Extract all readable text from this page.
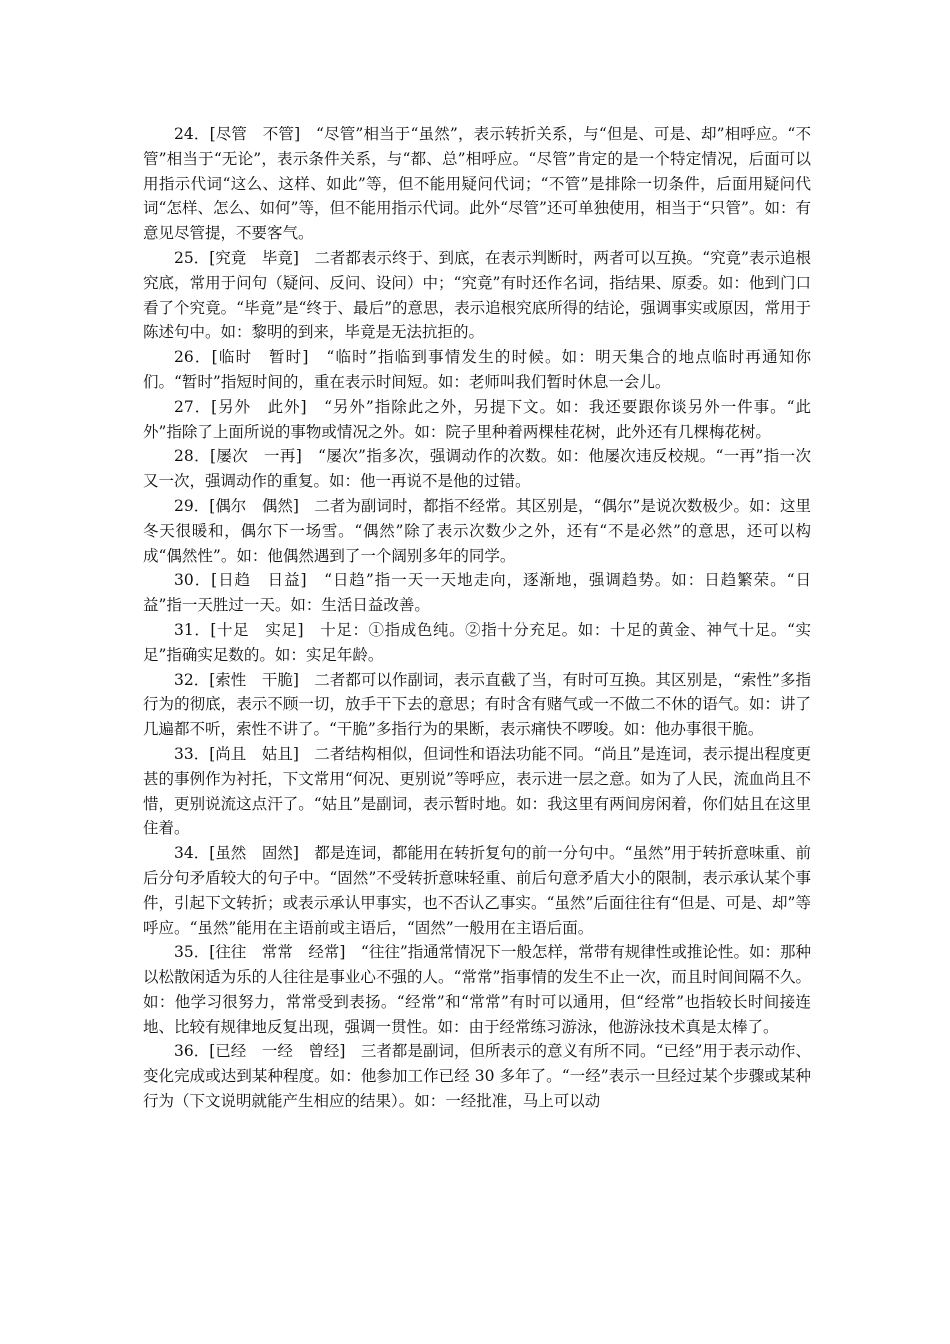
24．[尽管　不管]　 “尽管”相当于“虽然”，表示转折关系，与“但是、可是、却”相呼应。“不管”相当于“无论”，表示条件关系，与“都、总”相呼应。“尽管”肯定的是一个特定情况，后面可以用指示代词“这么、这样、如此”等，但不能用疑问代词；“不管”是排除一切条件，后面用疑问代词“怎样、怎么、如何”等，但不能用指示代词。此外“尽管”还可单独使用，相当于“只管”。如：有意见尽管提，不要客气。

25．[究竟　毕竟]　 二者都表示终于、到底，在表示判断时，两者可以互换。“究竟”表示追根究底，常用于问句（疑问、反问、设问）中；“究竟”有时还作名词，指结果、原委。如：他到门口看了个究竟。“毕竟”是“终于、最后”的意思，表示追根究底所得的结论，强调事实或原因，常用于陈述句中。如：黎明的到来，毕竟是无法抗拒的。

26．[临时　暂时]　 “临时”指临到事情发生的时候。如：明天集合的地点临时再通知你们。“暂时”指短时间的，重在表示时间短。如：老师叫我们暂时休息一会儿。

27．[另外　此外]　 “另外”指除此之外，另提下文。如：我还要跟你谈另外一件事。“此外”指除了上面所说的事物或情况之外。如：院子里种着两棵桂花树，此外还有几棵梅花树。

28．[屡次　一再]　 “屡次”指多次，强调动作的次数。如：他屡次违反校规。“一再”指一次又一次，强调动作的重复。如：他一再说不是他的过错。

29．[偶尔　偶然]　 二者为副词时，都指不经常。其区别是，“偶尔”是说次数极少。如：这里冬天很暖和，偶尔下一场雪。“偶然”除了表示次数少之外，还有“不是必然”的意思，还可以构成“偶然性”。如：他偶然遇到了一个阔别多年的同学。

30．[日趋　日益]　 “日趋”指一天一天地走向，逐渐地，强调趋势。如：日趋繁荣。“日益”指一天胜过一天。如：生活日益改善。

31．[十足　实足]　 十足：①指成色纯。②指十分充足。如：十足的黄金、神气十足。“实足”指确实足数的。如：实足年龄。

32．[索性　干脆]　 二者都可以作副词，表示直截了当，有时可互换。其区别是，“索性”多指行为的彻底，表示不顾一切，放手干下去的意思；有时含有赌气或一不做二不休的语气。如：讲了几遍都不听，索性不讲了。“干脆”多指行为的果断，表示痛快不啰唆。如：他办事很干脆。

33．[尚且　姑且]　 二者结构相似，但词性和语法功能不同。“尚且”是连词，表示提出程度更甚的事例作为衬托，下文常用“何况、更别说”等呼应，表示进一层之意。如为了人民，流血尚且不惜，更别说流这点汗了。“姑且”是副词，表示暂时地。如：我这里有两间房闲着，你们姑且在这里住着。

34．[虽然　固然]　 都是连词，都能用在转折复句的前一分句中。“虽然”用于转折意味重、前后分句矛盾较大的句子中。“固然”不受转折意味轻重、前后句意矛盾大小的限制，表示承认某个事件，引起下文转折；或表示承认甲事实，也不否认乙事实。“虽然”后面往往有“但是、可是、却”等呼应。“虽然”能用在主语前或主语后，“固然”一般用在主语后面。

35．[往往　常常　经常]　 “往往”指通常情况下一般怎样，常带有规律性或推论性。如：那种以松散闲适为乐的人往往是事业心不强的人。“常常”指事情的发生不止一次，而且时间间隔不久。如：他学习很努力，常常受到表扬。“经常”和“常常”有时可以通用，但“经常”也指较长时间接连地、比较有规律地反复出现，强调一贯性。如：由于经常练习游泳，他游泳技术真是太棒了。

36．[已经　一经　曾经]　 三者都是副词，但所表示的意义有所不同。“已经”用于表示动作、变化完成或达到某种程度。如：他参加工作已经 30 多年了。“一经”表示一旦经过某个步骤或某种行为（下文说明就能产生相应的结果）。如：一经批准，马上可以动
